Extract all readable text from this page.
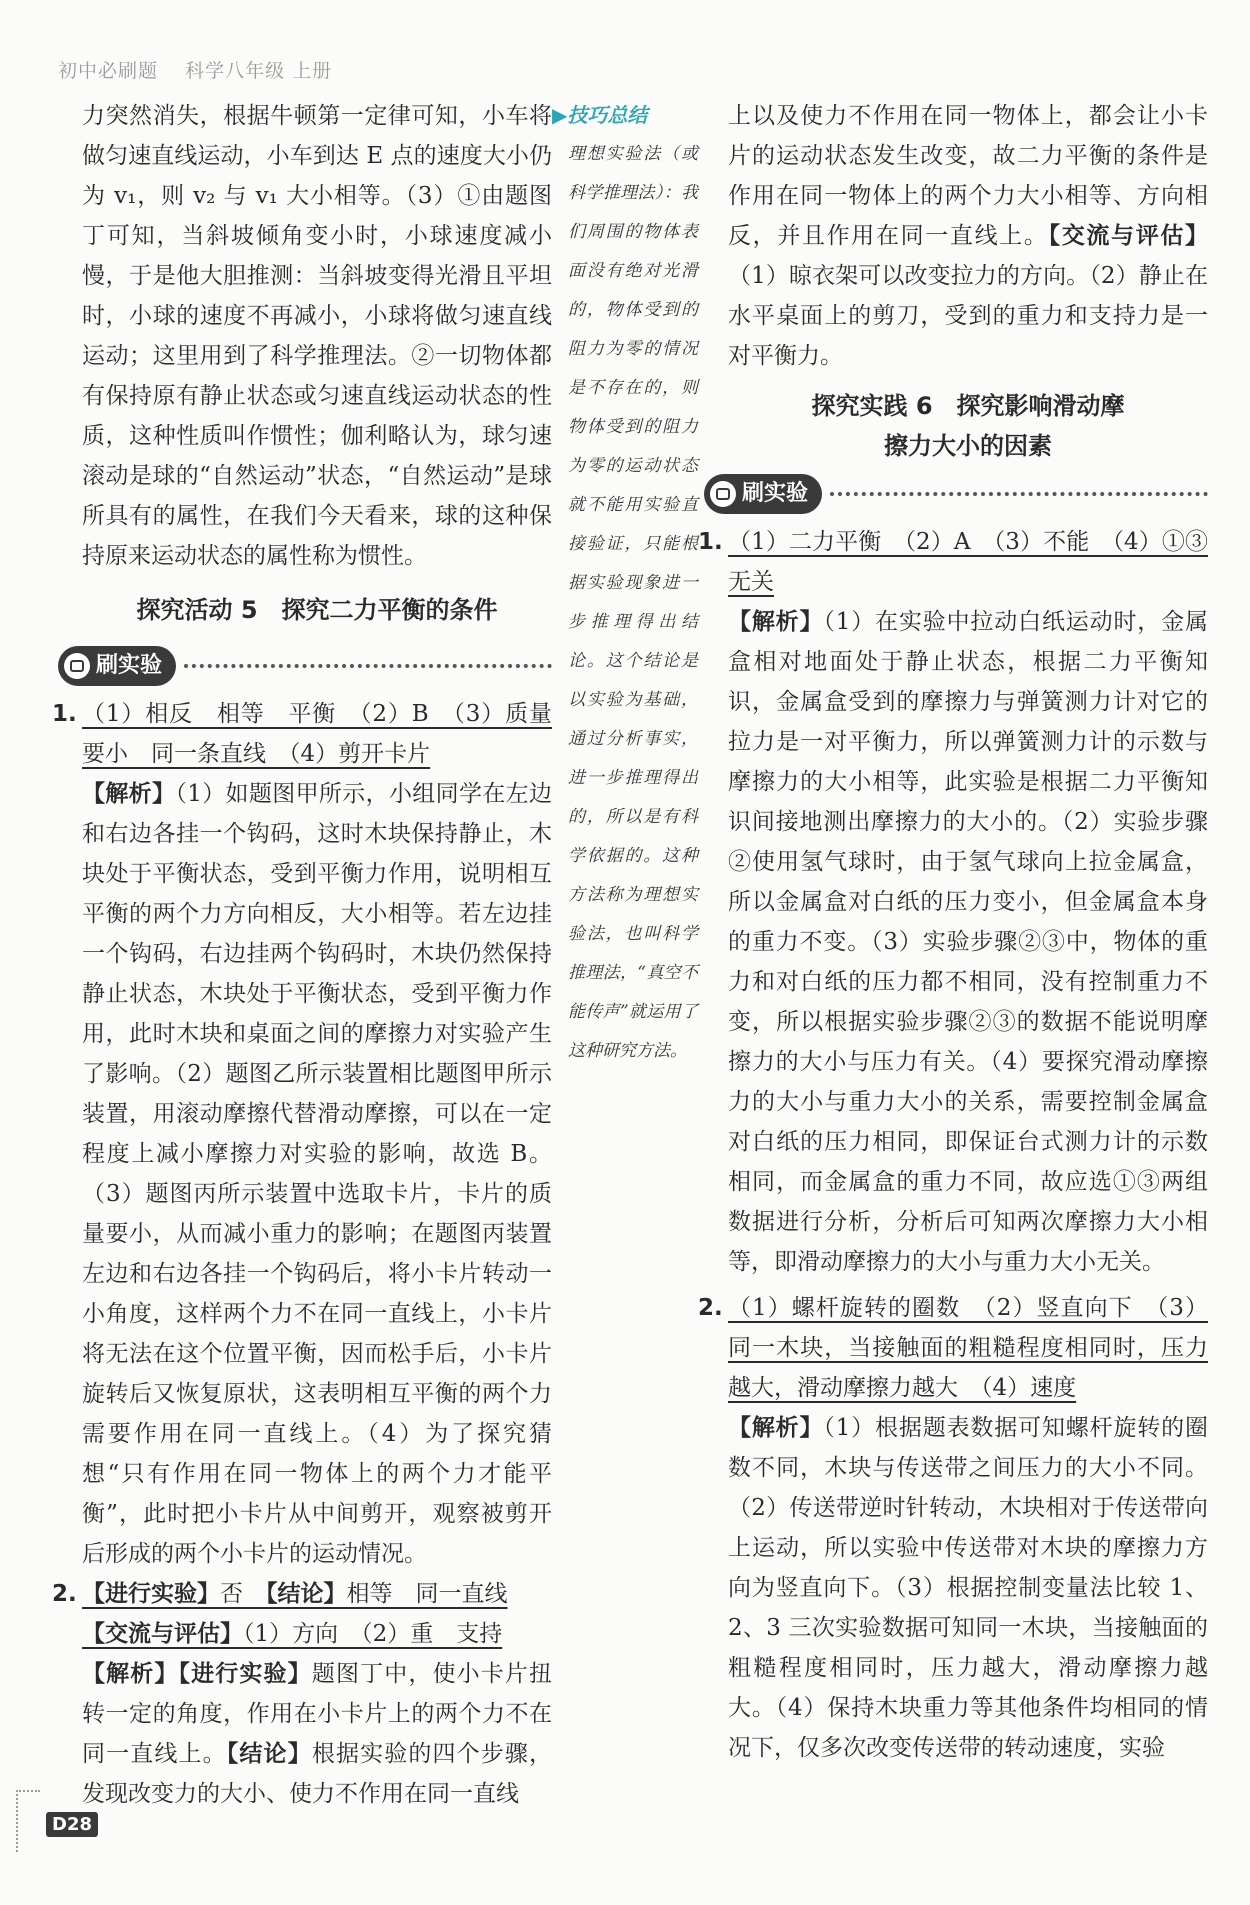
初中必刷题 科学八年级 上册

力突然消失，根据牛顿第一定律可知，小车将做匀速直线运动，小车到达 E 点的速度大小仍为 v₁，则 v₂ 与 v₁ 大小相等。（3）①由题图丁可知，当斜坡倾角变小时，小球速度减小慢，于是他大胆推测：当斜坡变得光滑且平坦时，小球的速度不再减小，小球将做匀速直线运动；这里用到了科学推理法。②一切物体都有保持原有静止状态或匀速直线运动状态的性质，这种性质叫作惯性；伽利略认为，球匀速滚动是球的“自然运动”状态，“自然运动”是球所具有的属性，在我们今天看来，球的这种保持原来运动状态的属性称为惯性。

探究活动 5　探究二力平衡的条件
刷实验
1. （1）相反　相等　平衡　（2）B　（3）质量要小　同一条直线　（4）剪开卡片
【解析】（1）如题图甲所示，小组同学在左边和右边各挂一个钩码，这时木块保持静止，木块处于平衡状态，受到平衡力作用，说明相互平衡的两个力方向相反，大小相等。若左边挂一个钩码，右边挂两个钩码时，木块仍然保持静止状态，木块处于平衡状态，受到平衡力作用，此时木块和桌面之间的摩擦力对实验产生了影响。（2）题图乙所示装置相比题图甲所示装置，用滚动摩擦代替滑动摩擦，可以在一定程度上减小摩擦力对实验的影响，故选 B。（3）题图丙所示装置中选取卡片，卡片的质量要小，从而减小重力的影响；在题图丙装置左边和右边各挂一个钩码后，将小卡片转动一小角度，这样两个力不在同一直线上，小卡片将无法在这个位置平衡，因而松手后，小卡片旋转后又恢复原状，这表明相互平衡的两个力需要作用在同一直线上。（4）为了探究猜想“只有作用在同一物体上的两个力才能平衡”，此时把小卡片从中间剪开，观察被剪开后形成的两个小卡片的运动情况。

2. 【进行实验】否　 【结论】相等　同一直线
【交流与评估】（1）方向　（2）重　支持
【解析】【进行实验】题图丁中，使小卡片扭转一定的角度，作用在小卡片上的两个力不在同一直线上。【结论】根据实验的四个步骤，发现改变力的大小、使力不作用在同一直线

▶技巧总结

理想实验法（或科学推理法）：我们周围的物体表面没有绝对光滑的，物体受到的阻力为零的情况是不存在的，则物体受到的阻力为零的运动状态就不能用实验直接验证，只能根据实验现象进一步推理得出结论。这个结论是以实验为基础，通过分析事实，进一步推理得出的，所以是有科学依据的。这种方法称为理想实验法，也叫科学推理法，“真空不能传声”就运用了这种研究方法。

上以及使力不作用在同一物体上，都会让小卡片的运动状态发生改变，故二力平衡的条件是作用在同一物体上的两个力大小相等、方向相反，并且作用在同一直线上。【交流与评估】（1）晾衣架可以改变拉力的方向。（2）静止在水平桌面上的剪刀，受到的重力和支持力是一对平衡力。

探究实践 6　探究影响滑动摩
擦力大小的因素
刷实验
1. （1）二力平衡　（2）A　（3）不能　（4）①③无关
【解析】（1）在实验中拉动白纸运动时，金属盒相对地面处于静止状态，根据二力平衡知识，金属盒受到的摩擦力与弹簧测力计对它的拉力是一对平衡力，所以弹簧测力计的示数与摩擦力的大小相等，此实验是根据二力平衡知识间接地测出摩擦力的大小的。（2）实验步骤②使用氢气球时，由于氢气球向上拉金属盒，所以金属盒对白纸的压力变小，但金属盒本身的重力不变。（3）实验步骤②③中，物体的重力和对白纸的压力都不相同，没有控制重力不变，所以根据实验步骤②③的数据不能说明摩擦力的大小与压力有关。（4）要探究滑动摩擦力的大小与重力大小的关系，需要控制金属盒对白纸的压力相同，即保证台式测力计的示数相同，而金属盒的重力不同，故应选①③两组数据进行分析，分析后可知两次摩擦力大小相等，即滑动摩擦力的大小与重力大小无关。

2. （1）螺杆旋转的圈数　（2）竖直向下　（3）同一木块，当接触面的粗糙程度相同时，压力越大，滑动摩擦力越大　（4）速度
【解析】（1）根据题表数据可知螺杆旋转的圈数不同，木块与传送带之间压力的大小不同。（2）传送带逆时针转动，木块相对于传送带向上运动，所以实验中传送带对木块的摩擦力方向为竖直向下。（3）根据控制变量法比较 1、2、3 三次实验数据可知同一木块，当接触面的粗糙程度相同时，压力越大，滑动摩擦力越大。（4）保持木块重力等其他条件均相同的情况下，仅多次改变传送带的转动速度，实验

D28
